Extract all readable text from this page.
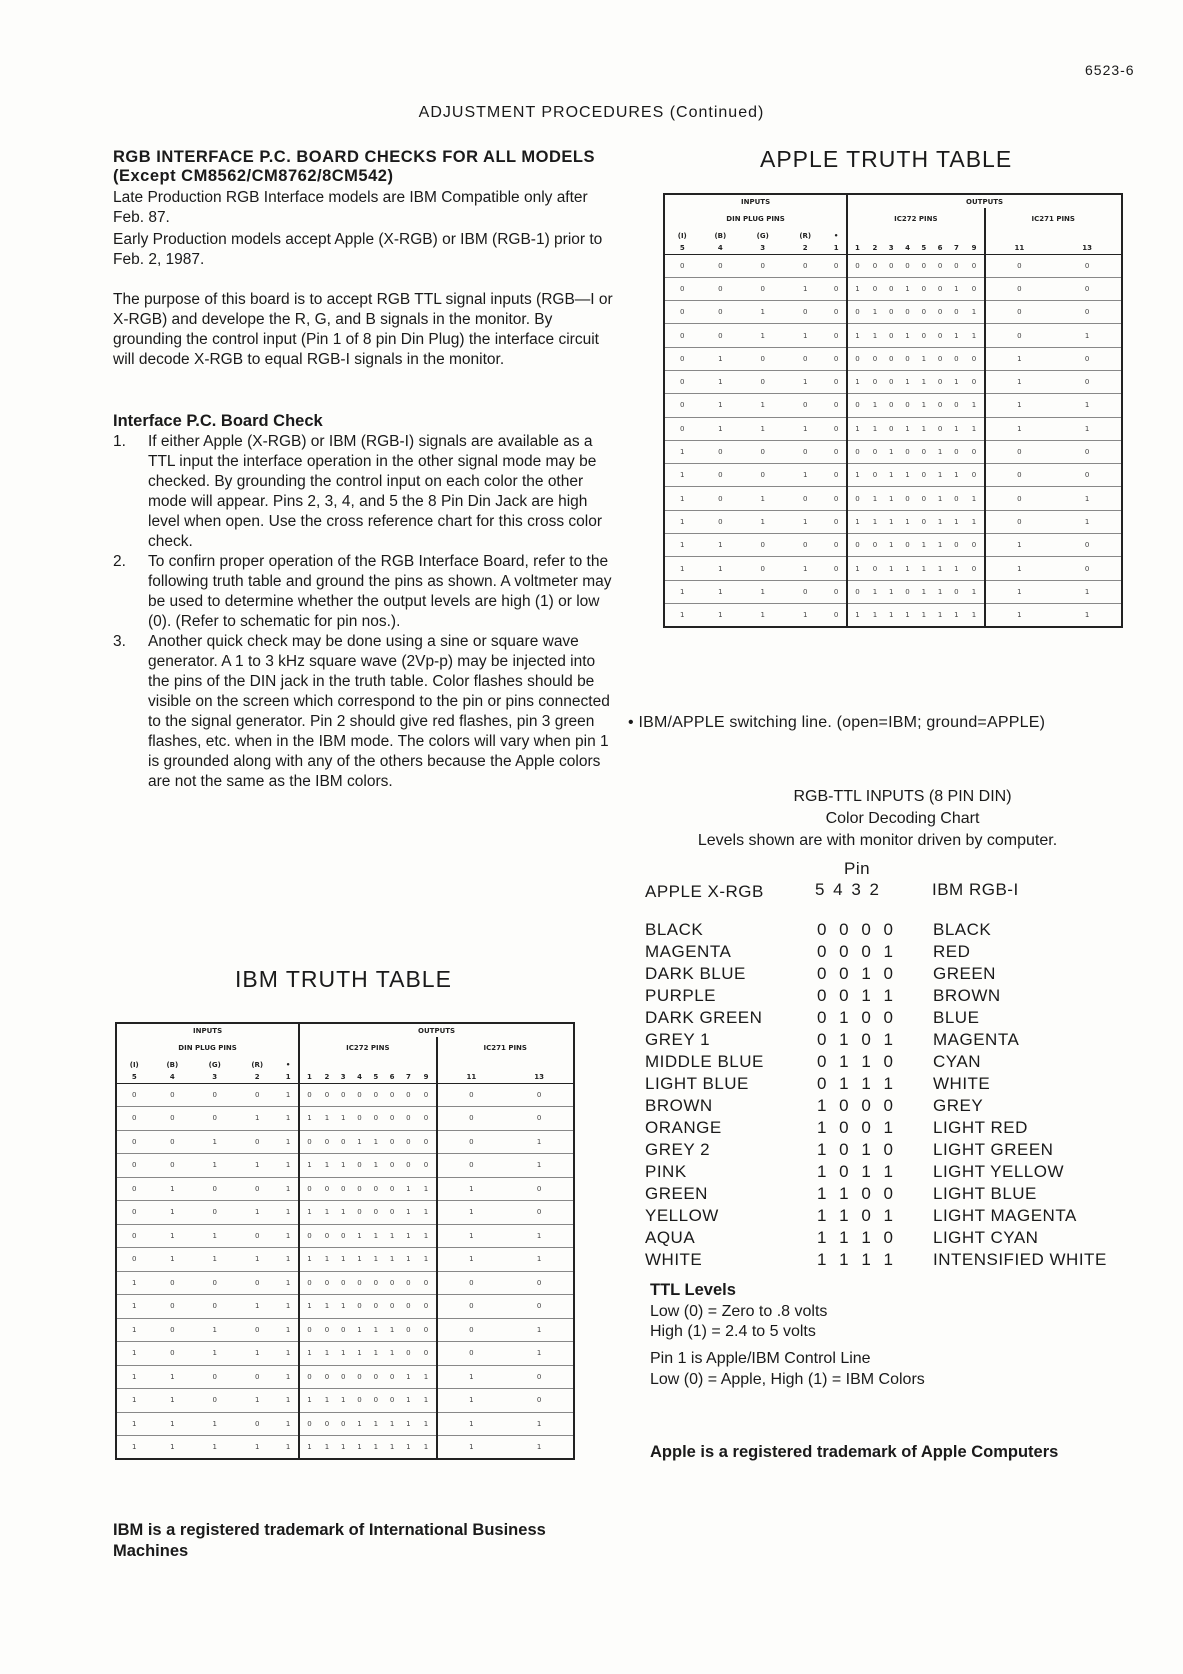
6523-6
ADJUSTMENT PROCEDURES (Continued)
RGB INTERFACE P.C. BOARD CHECKS FOR ALL MODELS (Except CM8562/CM8762/8CM542)
Late Production RGB Interface models are IBM Compatible only after Feb. 87.
Early Production models accept Apple (X-RGB) or IBM (RGB-1) prior to Feb. 2, 1987.
The purpose of this board is to accept RGB TTL signal inputs (RGB—I or X-RGB) and develope the R, G, and B signals in the monitor. By grounding the control input (Pin 1 of 8 pin Din Plug) the interface circuit will decode X-RGB to equal RGB-I signals in the monitor.
Interface P.C. Board Check
1. If either Apple (X-RGB) or IBM (RGB-I) signals are available as a TTL input the interface operation in the other signal mode may be checked. By grounding the control input on each color the other mode will appear. Pins 2, 3, 4, and 5 the 8 Pin Din Jack are high level when open. Use the cross reference chart for this cross color check.
2. To confirn proper operation of the RGB Interface Board, refer to the following truth table and ground the pins as shown. A voltmeter may be used to determine whether the output levels are high (1) or low (0). (Refer to schematic for pin nos.).
3. Another quick check may be done using a sine or square wave generator. A 1 to 3 kHz square wave (2Vp-p) may be injected into the pins of the DIN jack in the truth table. Color flashes should be visible on the screen which correspond to the pin or pins connected to the signal generator. Pin 2 should give red flashes, pin 3 green flashes, etc. when in the IBM mode. The colors will vary when pin 1 is grounded along with any of the others because the Apple colors are not the same as the IBM colors.
APPLE TRUTH TABLE
INPUTS					OUTPUTS									
DIN PLUG PINS					IC272 PINS								IC271 PINS	
(I)	(B)	(G)	(R)	•										
5	4	3	2	1	1	2	3	4	5	6	7	9	11	13
0	0	0	0	0	0	0	0	0	0	0	0	0	0	0
0	0	0	1	0	1	0	0	1	0	0	1	0	0	0
0	0	1	0	0	0	1	0	0	0	0	0	1	0	0
0	0	1	1	0	1	1	0	1	0	0	1	1	0	1
0	1	0	0	0	0	0	0	0	1	0	0	0	1	0
0	1	0	1	0	1	0	0	1	1	0	1	0	1	0
0	1	1	0	0	0	1	0	0	1	0	0	1	1	1
0	1	1	1	0	1	1	0	1	1	0	1	1	1	1
1	0	0	0	0	0	0	1	0	0	1	0	0	0	0
1	0	0	1	0	1	0	1	1	0	1	1	0	0	0
1	0	1	0	0	0	1	1	0	0	1	0	1	0	1
1	0	1	1	0	1	1	1	1	0	1	1	1	0	1
1	1	0	0	0	0	0	1	0	1	1	0	0	1	0
1	1	0	1	0	1	0	1	1	1	1	1	0	1	0
1	1	1	0	0	0	1	1	0	1	1	0	1	1	1
1	1	1	1	0	1	1	1	1	1	1	1	1	1	1
• IBM/APPLE switching line. (open=IBM; ground=APPLE)
IBM TRUTH TABLE
INPUTS					OUTPUTS									
DIN PLUG PINS					IC272 PINS								IC271 PINS	
(I)	(B)	(G)	(R)	•										
5	4	3	2	1	1	2	3	4	5	6	7	9	11	13
0	0	0	0	1	0	0	0	0	0	0	0	0	0	0
0	0	0	1	1	1	1	1	0	0	0	0	0	0	0
0	0	1	0	1	0	0	0	1	1	0	0	0	0	1
0	0	1	1	1	1	1	1	0	1	0	0	0	0	1
0	1	0	0	1	0	0	0	0	0	0	1	1	1	0
0	1	0	1	1	1	1	1	0	0	0	1	1	1	0
0	1	1	0	1	0	0	0	1	1	1	1	1	1	1
0	1	1	1	1	1	1	1	1	1	1	1	1	1	1
1	0	0	0	1	0	0	0	0	0	0	0	0	0	0
1	0	0	1	1	1	1	1	0	0	0	0	0	0	0
1	0	1	0	1	0	0	0	1	1	1	0	0	0	1
1	0	1	1	1	1	1	1	1	1	1	0	0	0	1
1	1	0	0	1	0	0	0	0	0	0	1	1	1	0
1	1	0	1	1	1	1	1	0	0	0	1	1	1	0
1	1	1	0	1	0	0	0	1	1	1	1	1	1	1
1	1	1	1	1	1	1	1	1	1	1	1	1	1	1
IBM is a registered trademark of International Business Machines
RGB-TTL INPUTS (8 PIN DIN)
Color Decoding Chart
Levels shown are with monitor driven by computer.
Pin
APPLE X-RGB	5 4 3 2	IBM RGB-I
BLACK	0 0 0 0 BLACK
MAGENTA	0 0 0 1 RED
DARK BLUE	0 0 1 0 GREEN
PURPLE	0 0 1 1 BROWN
DARK GREEN	0 1 0 0 BLUE
GREY 1	0 1 0 1 MAGENTA
MIDDLE BLUE	0 1 1 0 CYAN
LIGHT BLUE	0 1 1 1 WHITE
BROWN	1 0 0 0 GREY
ORANGE	1 0 0 1 LIGHT RED
GREY 2	1 0 1 0 LIGHT GREEN
PINK	1 0 1 1 LIGHT YELLOW
GREEN	1 1 0 0 LIGHT BLUE
YELLOW	1 1 0 1 LIGHT MAGENTA
AQUA	1 1 1 0 LIGHT CYAN
WHITE	1 1 1 1 INTENSIFIED WHITE
TTL Levels
Low (0) = Zero to .8 volts
High (1) = 2.4 to 5 volts
Pin 1 is Apple/IBM Control Line
Low (0) = Apple, High (1) = IBM Colors
Apple is a registered trademark of Apple Computers
